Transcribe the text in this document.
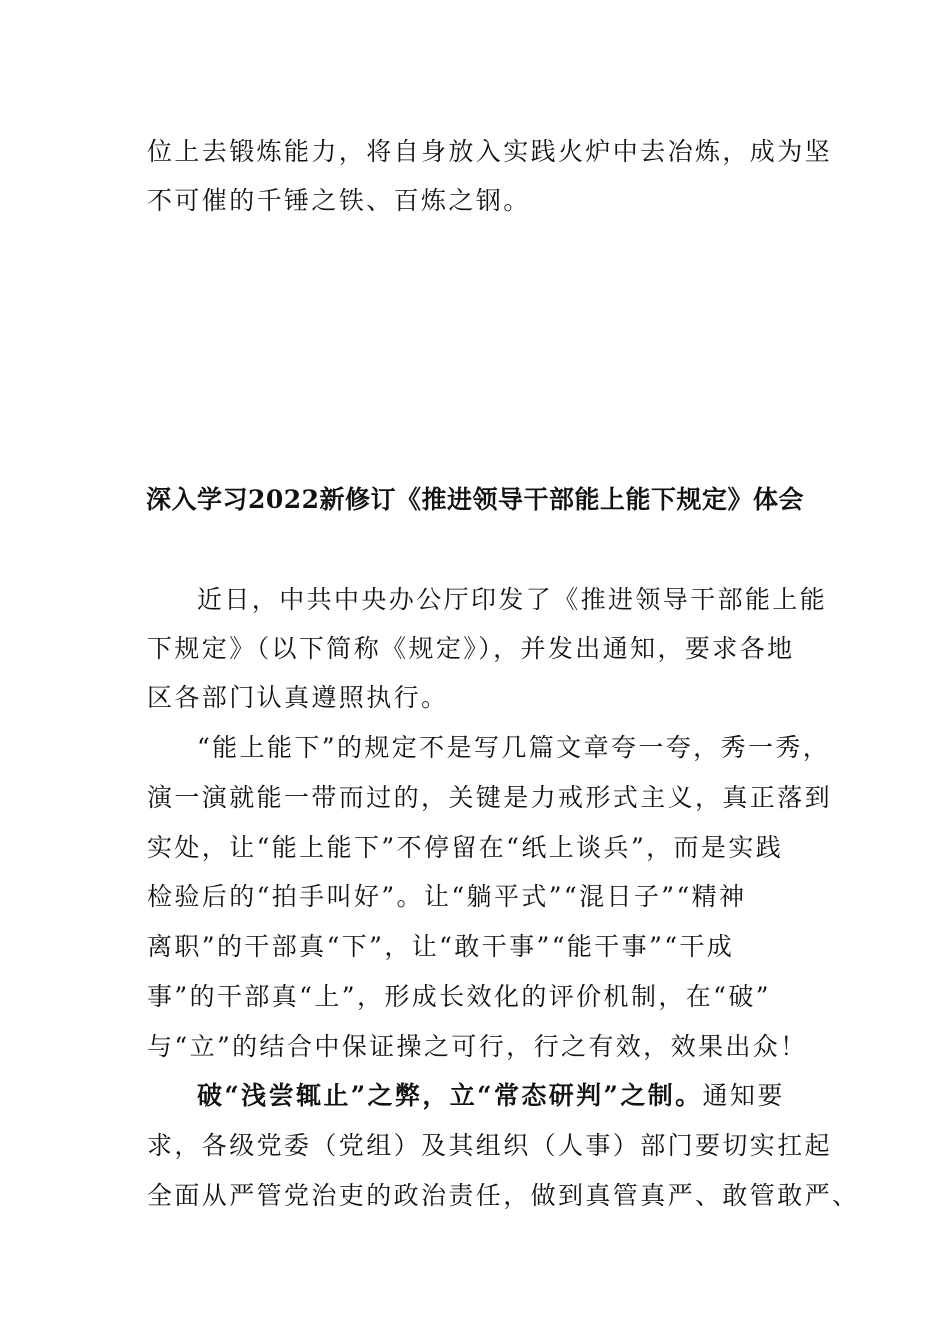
位上去锻炼能力，将自身放入实践火炉中去冶炼，成为坚
不可催的千锤之铁、百炼之钢。
深入学习2022新修订《推进领导干部能上能下规定》体会
近日，中共中央办公厅印发了《推进领导干部能上能
下规定》（以下简称《规定》），并发出通知，要求各地
区各部门认真遵照执行。
“能上能下”的规定不是写几篇文章夸一夸，秀一秀，
演一演就能一带而过的，关键是力戒形式主义，真正落到
实处，让“能上能下”不停留在“纸上谈兵”，而是实践
检验后的“拍手叫好”。让“躺平式”“混日子”“精神
离职”的干部真“下”，让“敢干事”“能干事”“干成
事”的干部真“上”，形成长效化的评价机制，在“破”
与“立”的结合中保证操之可行，行之有效，效果出众！
破“浅尝辄止”之弊，立“常态研判”之制。通知要
求，各级党委（党组）及其组织（人事）部门要切实扛起
全面从严管党治吏的政治责任，做到真管真严、敢管敢严、
